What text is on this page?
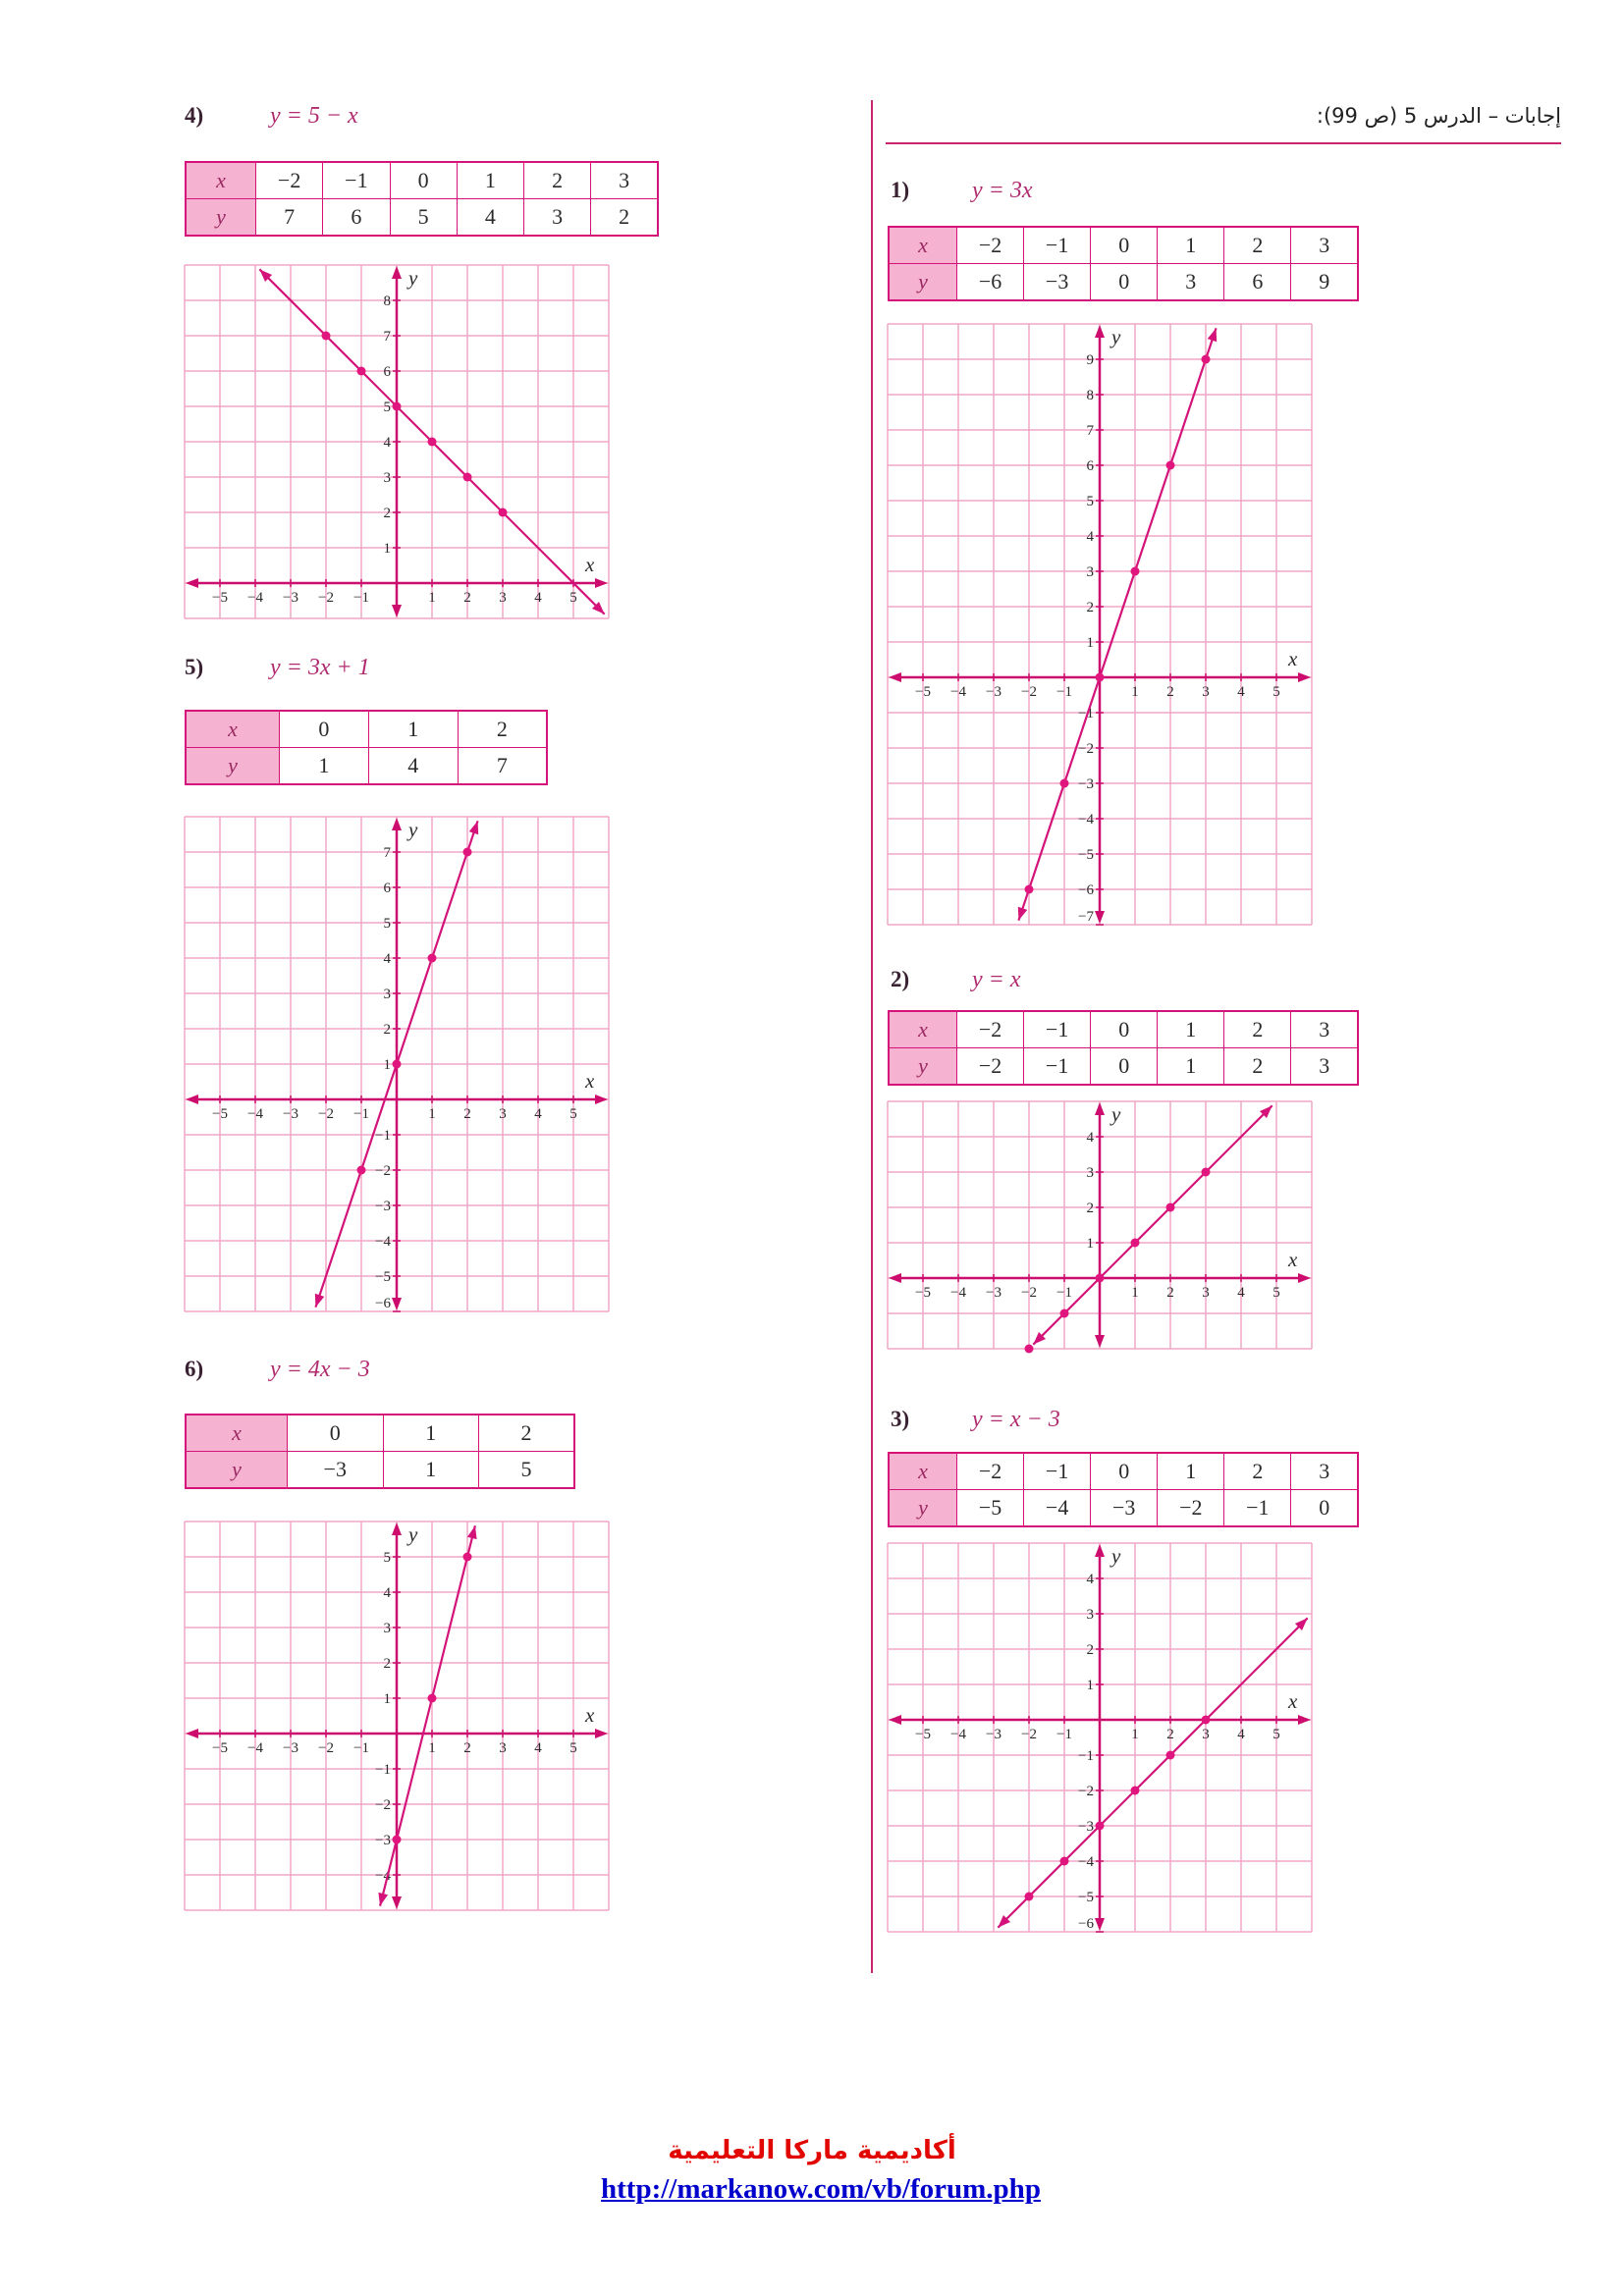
إجابات – الدرس 5 (ص 99):
1)	y = 3x
x	−2	−1	0	1	2	3
y	−6	−3	0	3	6	9
−5 −4 −3 −2 −1	1 2 3 4 5
9
8
7
6
5
4
3
2
1
−1
−2
−3
−4
−5
−6
−7
x
y
2)	y = x
x	−2	−1	0	1	2	3
y	−2	−1	0	1	2	3
−5 −4 −3 −2 −1	1 2 3 4 5
4
3
2
1
x
y
3)	y = x − 3
x	−2	−1	0	1	2	3
y	−5	−4	−3	−2	−1	0
−5 −4 −3 −2 −1	1 2 3 4 5
4
3
2
1
−1
−2
−3
−4
−5
−6
x
y
4)	y = 5 − x
x	−2	−1	0	1	2	3
y	7	6	5	4	3	2
−5 −4 −3 −2 −1	1 2 3 4 5
8
7
6
5
4
3
2
1
x
y
5)	y = 3x + 1
x	0	1	2
y	1	4	7
−5 −4 −3 −2 −1	1 2 3 4 5
7
6
5
4
3
2
1
−1
−2
−3
−4
−5
−6
x
y
6)	y = 4x − 3
x	0	1	2
y	−3	1	5
−5 −4 −3 −2 −1	1 2 3 4 5
5
4
3
2
1
−1
−2
−3
−4
x
y
أكاديمية ماركا التعليمية
http://markanow.com/vb/forum.php
